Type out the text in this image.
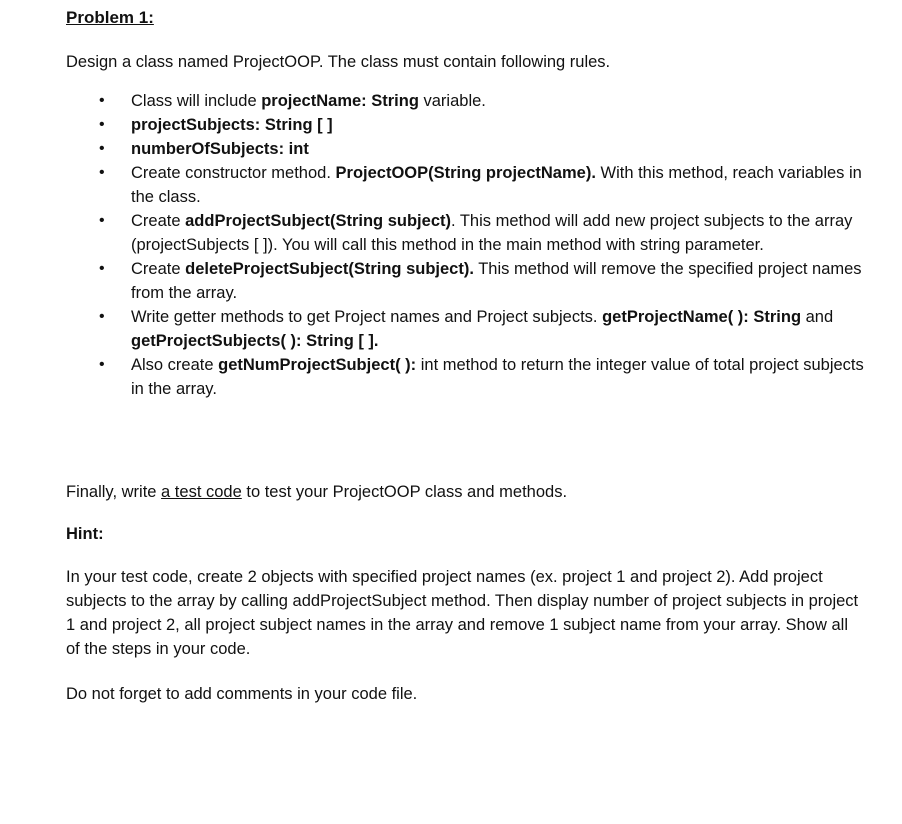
Problem 1:
Design a class named ProjectOOP. The class must contain following rules.
• Class will include projectName: String variable.
• projectSubjects: String [ ]
• numberOfSubjects: int
• Create constructor method. ProjectOOP(String projectName). With this method, reach variables in the class.
• Create addProjectSubject(String subject). This method will add new project subjects to the array (projectSubjects [ ]). You will call this method in the main method with string parameter.
• Create deleteProjectSubject(String subject). This method will remove the specified project names from the array.
• Write getter methods to get Project names and Project subjects. getProjectName( ): String and getProjectSubjects( ): String [ ].
• Also create getNumProjectSubject( ): int method to return the integer value of total project subjects in the array.
Finally, write a test code to test your ProjectOOP class and methods.
Hint:
In your test code, create 2 objects with specified project names (ex. project 1 and project 2). Add project subjects to the array by calling addProjectSubject method. Then display number of project subjects in project 1 and project 2, all project subject names in the array and remove 1 subject name from your array. Show all of the steps in your code.
Do not forget to add comments in your code file.
